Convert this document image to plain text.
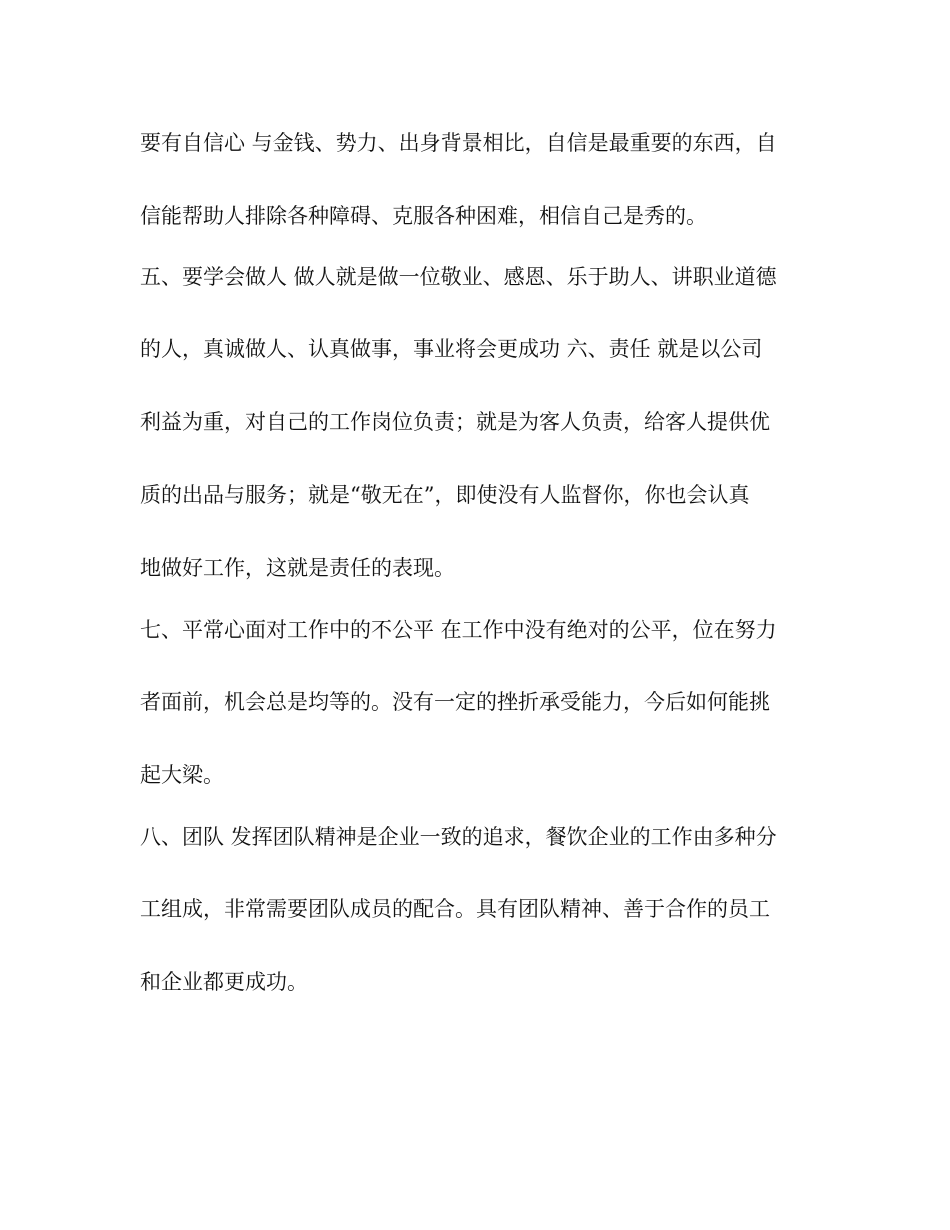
要有自信心 与金钱、势力、出身背景相比，自信是最重要的东西，自
信能帮助人排除各种障碍、克服各种困难，相信自己是秀的。
五、要学会做人 做人就是做一位敬业、感恩、乐于助人、讲职业道德
的人，真诚做人、认真做事，事业将会更成功 六、责任 就是以公司
利益为重，对自己的工作岗位负责；就是为客人负责，给客人提供优
质的出品与服务；就是“敬无在”，即使没有人监督你，你也会认真
地做好工作，这就是责任的表现。
七、平常心面对工作中的不公平 在工作中没有绝对的公平，位在努力
者面前，机会总是均等的。没有一定的挫折承受能力，今后如何能挑
起大梁。
八、团队 发挥团队精神是企业一致的追求，餐饮企业的工作由多种分
工组成，非常需要团队成员的配合。具有团队精神、善于合作的员工
和企业都更成功。
